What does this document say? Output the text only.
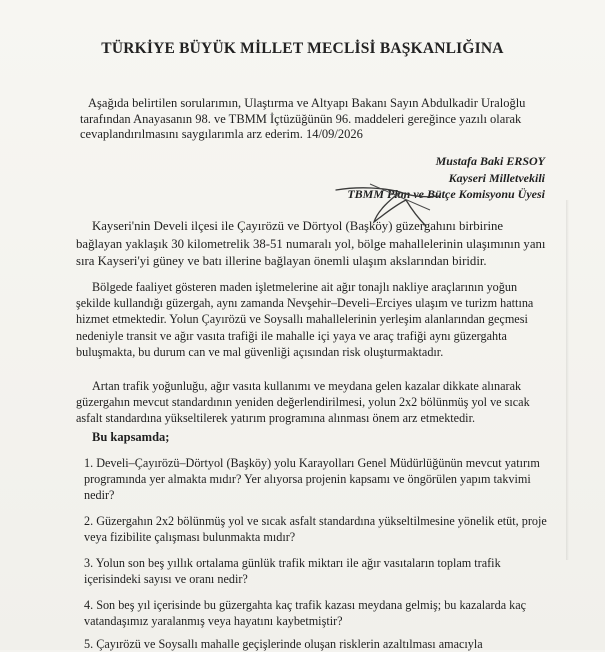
TÜRKİYE BÜYÜK MİLLET MECLİSİ BAŞKANLIĞINA

Aşağıda belirtilen sorularımın, Ulaştırma ve Altyapı Bakanı Sayın Abdulkadir Uraloğlu tarafından Anayasanın 98. ve TBMM İçtüzüğünün 96. maddeleri gereğince yazılı olarak cevaplandırılmasını saygılarımla arz ederim. 14/09/2026

Mustafa Baki ERSOY
Kayseri Milletvekili
TBMM Plan ve Bütçe Komisyonu Üyesi

Kayseri'nin Develi ilçesi ile Çayırözü ve Dörtyol (Başköy) güzergahını birbirine bağlayan yaklaşık 30 kilometrelik 38-51 numaralı yol, bölge mahallelerinin ulaşımının yanı sıra Kayseri'yi güney ve batı illerine bağlayan önemli ulaşım akslarından biridir.

Bölgede faaliyet gösteren maden işletmelerine ait ağır tonajlı nakliye araçlarının yoğun şekilde kullandığı güzergah, aynı zamanda Nevşehir–Develi–Erciyes ulaşım ve turizm hattına hizmet etmektedir. Yolun Çayırözü ve Soysallı mahallelerinin yerleşim alanlarından geçmesi nedeniyle transit ve ağır vasıta trafiği ile mahalle içi yaya ve araç trafiği aynı güzergahta buluşmakta, bu durum can ve mal güvenliği açısından risk oluşturmaktadır.

Artan trafik yoğunluğu, ağır vasıta kullanımı ve meydana gelen kazalar dikkate alınarak güzergahın mevcut standardının yeniden değerlendirilmesi, yolun 2x2 bölünmüş yol ve sıcak asfalt standardına yükseltilerek yatırım programına alınması önem arz etmektedir.

Bu kapsamda;

1. Develi–Çayırözü–Dörtyol (Başköy) yolu Karayolları Genel Müdürlüğünün mevcut yatırım programında yer almakta mıdır? Yer alıyorsa projenin kapsamı ve öngörülen yapım takvimi nedir?

2. Güzergahın 2x2 bölünmüş yol ve sıcak asfalt standardına yükseltilmesine yönelik etüt, proje veya fizibilite çalışması bulunmakta mıdır?

3. Yolun son beş yıllık ortalama günlük trafik miktarı ile ağır vasıtaların toplam trafik içerisindeki sayısı ve oranı nedir?

4. Son beş yıl içerisinde bu güzergahta kaç trafik kazası meydana gelmiş; bu kazalarda kaç vatandaşımız yaralanmış veya hayatını kaybetmiştir?

5. Çayırözü ve Soysallı mahalle geçişlerinde oluşan risklerin azaltılması amacıyla
